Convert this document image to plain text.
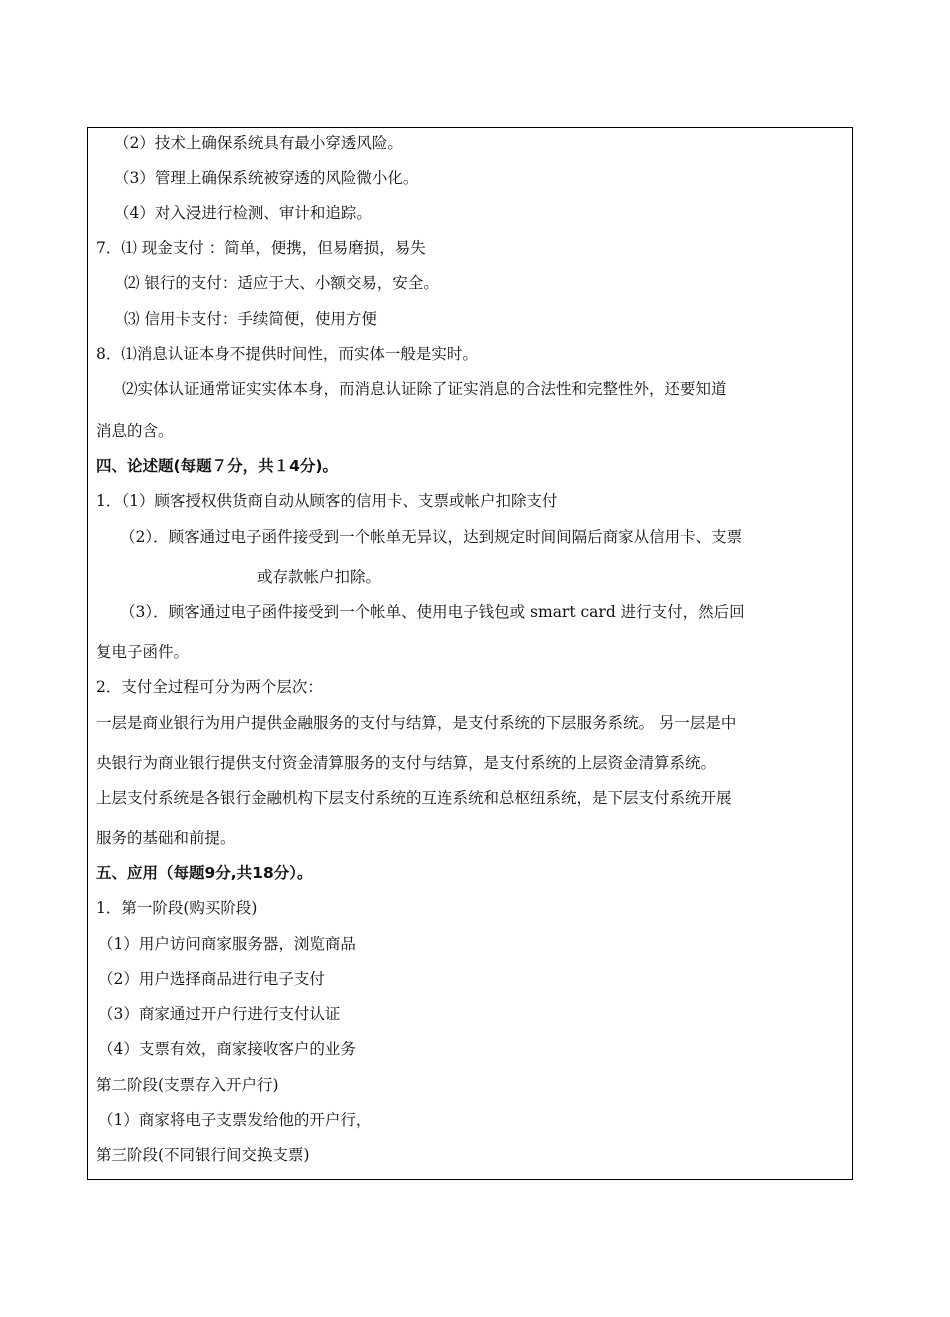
（2）技术上确保系统具有最小穿透风险。
（3）管理上确保系统被穿透的风险微小化。
（4）对入浸进行检测、审计和追踪。
7．⑴ 现金支付 ：简单，便携，但易磨损，易失
⑵ 银行的支付：适应于大、小额交易，安全。
⑶ 信用卡支付：手续简便，使用方便
8．⑴消息认证本身不提供时间性，而实体一般是实时。
⑵实体认证通常证实实体本身，而消息认证除了证实消息的合法性和完整性外，还要知道
消息的含。
四、论述题(每题７分，共１4分)。
1．（1）顾客授权供货商自动从顾客的信用卡、支票或帐户扣除支付
（2）．顾客通过电子函件接受到一个帐单无异议，达到规定时间间隔后商家从信用卡、支票
或存款帐户扣除。
（3）．顾客通过电子函件接受到一个帐单、使用电子钱包或 smart card 进行支付，然后回
复电子函件。
2．支付全过程可分为两个层次：
一层是商业银行为用户提供金融服务的支付与结算，是支付系统的下层服务系统。 另一层是中
央银行为商业银行提供支付资金清算服务的支付与结算，是支付系统的上层资金清算系统。
上层支付系统是各银行金融机构下层支付系统的互连系统和总枢纽系统，是下层支付系统开展
服务的基础和前提。
五、应用（每题9分,共18分）。
1．第一阶段(购买阶段)
（1）用户访问商家服务器，浏览商品
（2）用户选择商品进行电子支付
（3）商家通过开户行进行支付认证
（4）支票有效，商家接收客户的业务
第二阶段(支票存入开户行)
（1）商家将电子支票发给他的开户行，
第三阶段(不同银行间交换支票)
